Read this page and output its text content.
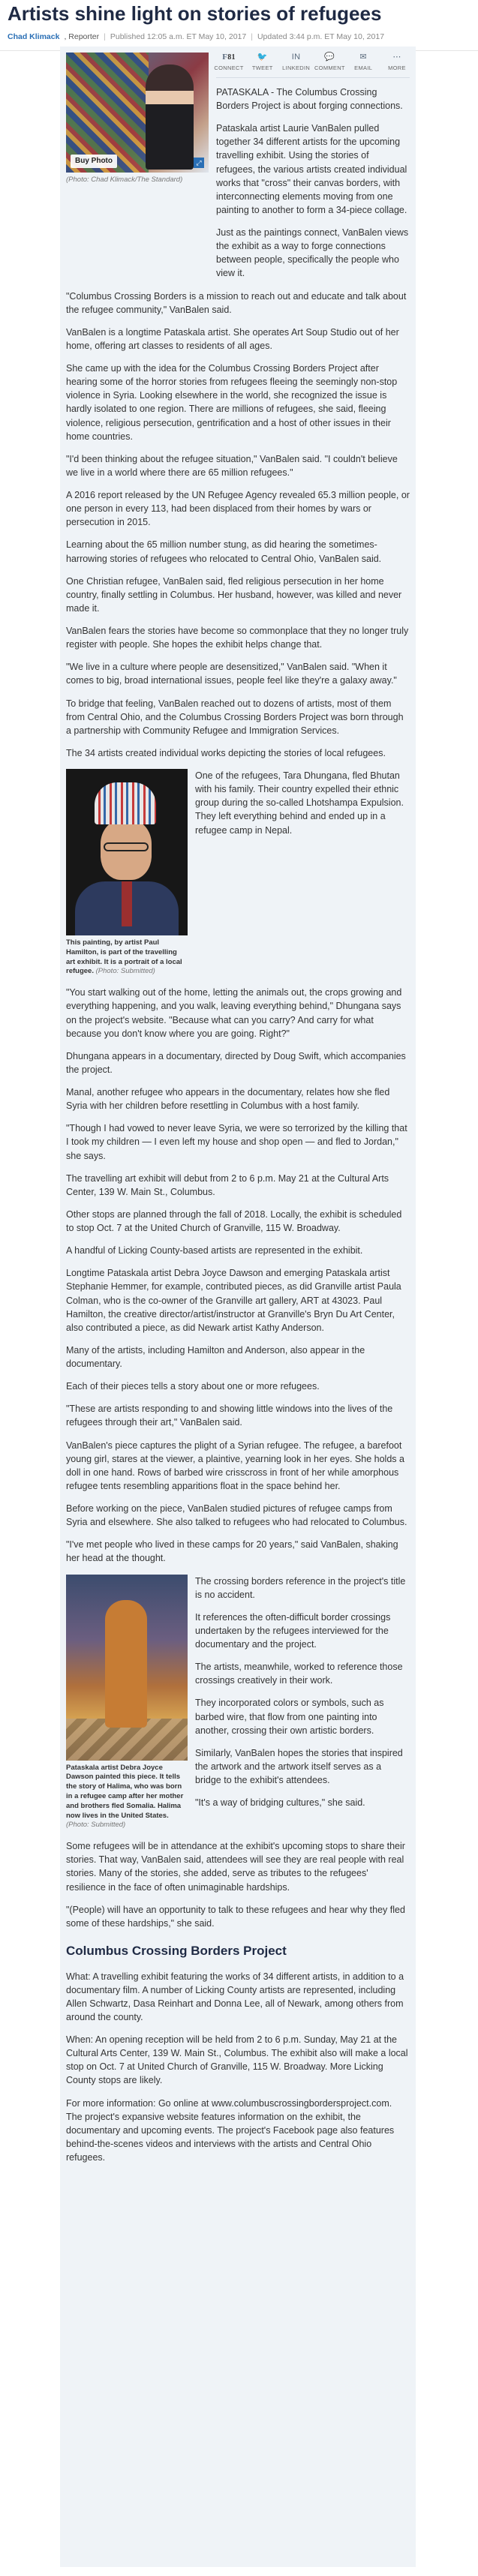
Artists shine light on stories of refugees
Chad Klimack , Reporter | Published 12:05 a.m. ET May 10, 2017 | Updated 3:44 p.m. ET May 10, 2017
Buy Photo	⤢
(Photo: Chad Klimack/The Standard)
F 81
CONNECT
🐦
TWEET
IN
LINKEDIN
💬
COMMENT
✉
EMAIL
⋯
MORE

PATASKALA - The Columbus Crossing Borders Project is about forging connections.

Pataskala artist Laurie VanBalen pulled together 34 different artists for the upcoming travelling exhibit. Using the stories of refugees, the various artists created individual works that "cross" their canvas borders, with interconnecting elements moving from one painting to another to form a 34-piece collage.

Just as the paintings connect, VanBalen views the exhibit as a way to forge connections between people, specifically the people who view it.

"Columbus Crossing Borders is a mission to reach out and educate and talk about the refugee community," VanBalen said.

VanBalen is a longtime Pataskala artist. She operates Art Soup Studio out of her home, offering art classes to residents of all ages.

She came up with the idea for the Columbus Crossing Borders Project after hearing some of the horror stories from refugees fleeing the seemingly non-stop violence in Syria. Looking elsewhere in the world, she recognized the issue is hardly isolated to one region. There are millions of refugees, she said, fleeing violence, religious persecution, gentrification and a host of other issues in their home countries.

"I'd been thinking about the refugee situation," VanBalen said. "I couldn't believe we live in a world where there are 65 million refugees."

A 2016 report released by the UN Refugee Agency revealed 65.3 million people, or one person in every 113, had been displaced from their homes by wars or persecution in 2015.

Learning about the 65 million number stung, as did hearing the sometimes-harrowing stories of refugees who relocated to Central Ohio, VanBalen said.

One Christian refugee, VanBalen said, fled religious persecution in her home country, finally settling in Columbus. Her husband, however, was killed and never made it.

VanBalen fears the stories have become so commonplace that they no longer truly register with people. She hopes the exhibit helps change that.

"We live in a culture where people are desensitized," VanBalen said. "When it comes to big, broad international issues, people feel like they're a galaxy away."

To bridge that feeling, VanBalen reached out to dozens of artists, most of them from Central Ohio, and the Columbus Crossing Borders Project was born through a partnership with Community Refugee and Immigration Services.

The 34 artists created individual works depicting the stories of local refugees.

This painting, by artist Paul Hamilton, is part of the travelling art exhibit. It is a portrait of a local refugee. (Photo: Submitted)

One of the refugees, Tara Dhungana, fled Bhutan with his family. Their country expelled their ethnic group during the so-called Lhotshampa Expulsion. They left everything behind and ended up in a refugee camp in Nepal.

"You start walking out of the home, letting the animals out, the crops growing and everything happening, and you walk, leaving everything behind," Dhungana says on the project's website. "Because what can you carry? And carry for what because you don't know where you are going. Right?"

Dhungana appears in a documentary, directed by Doug Swift, which accompanies the project.

Manal, another refugee who appears in the documentary, relates how she fled Syria with her children before resettling in Columbus with a host family.

"Though I had vowed to never leave Syria, we were so terrorized by the killing that I took my children — I even left my house and shop open — and fled to Jordan," she says.

The travelling art exhibit will debut from 2 to 6 p.m. May 21 at the Cultural Arts Center, 139 W. Main St., Columbus.

Other stops are planned through the fall of 2018. Locally, the exhibit is scheduled to stop Oct. 7 at the United Church of Granville, 115 W. Broadway.

A handful of Licking County-based artists are represented in the exhibit.

Longtime Pataskala artist Debra Joyce Dawson and emerging Pataskala artist Stephanie Hemmer, for example, contributed pieces, as did Granville artist Paula Colman, who is the co-owner of the Granville art gallery, ART at 43023. Paul Hamilton, the creative director/artist/instructor at Granville's Bryn Du Art Center, also contributed a piece, as did Newark artist Kathy Anderson.

Many of the artists, including Hamilton and Anderson, also appear in the documentary.

Each of their pieces tells a story about one or more refugees.

"These are artists responding to and showing little windows into the lives of the refugees through their art," VanBalen said.

VanBalen's piece captures the plight of a Syrian refugee. The refugee, a barefoot young girl, stares at the viewer, a plaintive, yearning look in her eyes. She holds a doll in one hand. Rows of barbed wire crisscross in front of her while amorphous refugee tents resembling apparitions float in the space behind her.

Before working on the piece, VanBalen studied pictures of refugee camps from Syria and elsewhere. She also talked to refugees who had relocated to Columbus.

"I've met people who lived in these camps for 20 years," said VanBalen, shaking her head at the thought.

Pataskala artist Debra Joyce Dawson painted this piece. It tells the story of Halima, who was born in a refugee camp after her mother and brothers fled Somalia. Halima now lives in the United States. (Photo: Submitted)

The crossing borders reference in the project's title is no accident.

It references the often-difficult border crossings undertaken by the refugees interviewed for the documentary and the project.

The artists, meanwhile, worked to reference those crossings creatively in their work.

They incorporated colors or symbols, such as barbed wire, that flow from one painting into another, crossing their own artistic borders.

Similarly, VanBalen hopes the stories that inspired the artwork and the artwork itself serves as a bridge to the exhibit's attendees.

"It's a way of bridging cultures," she said.

Some refugees will be in attendance at the exhibit's upcoming stops to share their stories. That way, VanBalen said, attendees will see they are real people with real stories. Many of the stories, she added, serve as tributes to the refugees' resilience in the face of often unimaginable hardships.

"(People) will have an opportunity to talk to these refugees and hear why they fled some of these hardships," she said.

Columbus Crossing Borders Project

What: A travelling exhibit featuring the works of 34 different artists, in addition to a documentary film. A number of Licking County artists are represented, including Allen Schwartz, Dasa Reinhart and Donna Lee, all of Newark, among others from around the county.

When: An opening reception will be held from 2 to 6 p.m. Sunday, May 21 at the Cultural Arts Center, 139 W. Main St., Columbus. The exhibit also will make a local stop on Oct. 7 at United Church of Granville, 115 W. Broadway. More Licking County stops are likely.

For more information: Go online at www.columbuscrossingbordersproject.com. The project's expansive website features information on the exhibit, the documentary and upcoming events. The project's Facebook page also features behind-the-scenes videos and interviews with the artists and Central Ohio refugees.
